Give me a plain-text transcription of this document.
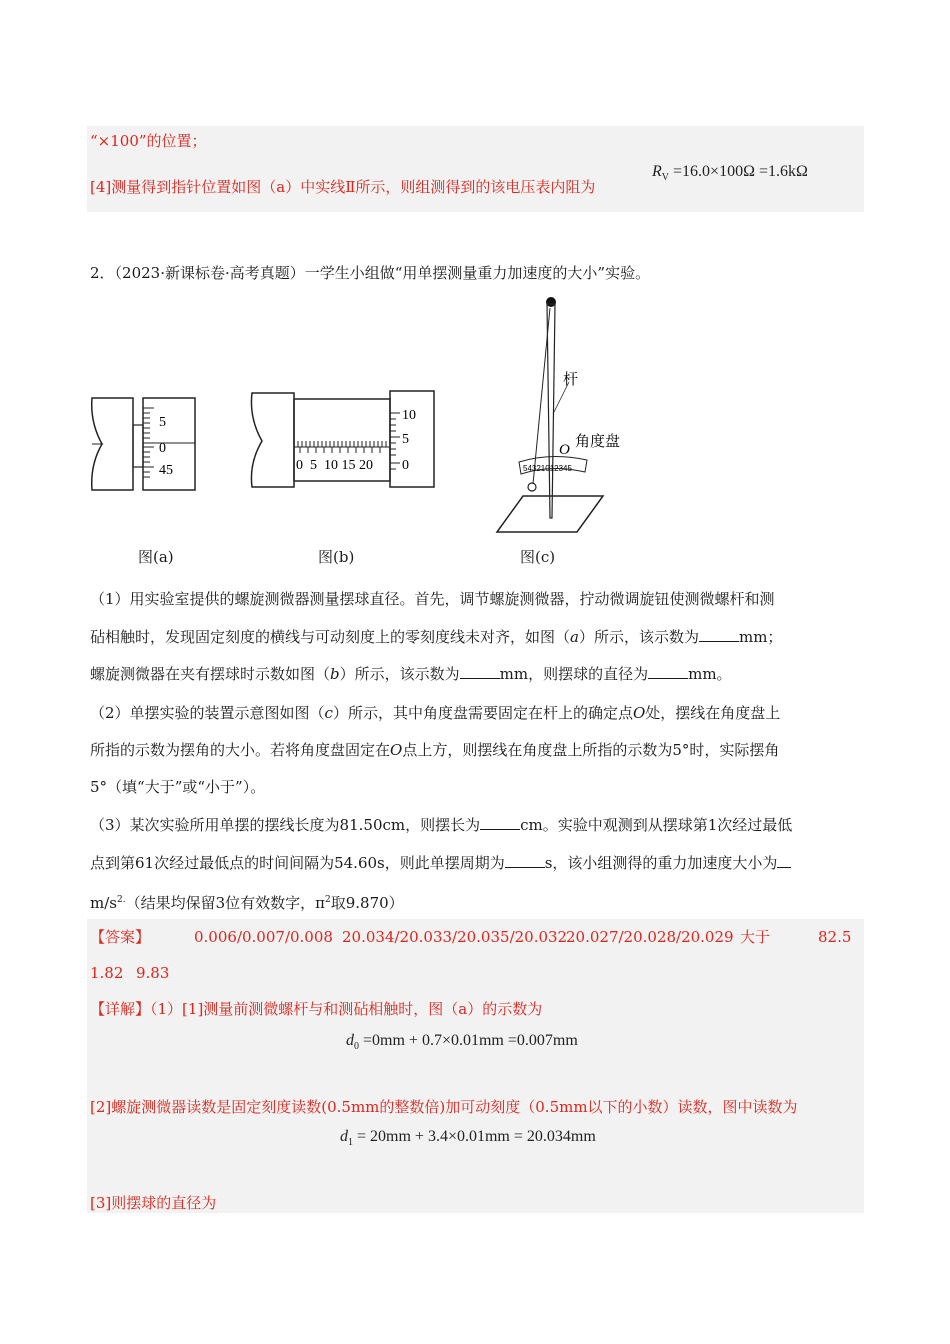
“×100”的位置；
[4]测量得到指针位置如图（a）中实线Ⅱ所示，则组测得到的该电压表内阻为
$R_V =16.0\times 100\Omega =1.6k\Omega$
2．（2023·新课标卷·高考真题）一学生小组做“用单摆测量重力加速度的大小”实验。
5
0
45
图(a)
10
5
0
0  5  10 15 20
图(b)
杆
O 角度盘
54321012345
图(c)
（1）用实验室提供的螺旋测微器测量摆球直径。首先，调节螺旋测微器，拧动微调旋钮使测微螺杆和测
砧相触时，发现固定刻度的横线与可动刻度上的零刻度线未对齐，如图（a）所示，该示数为	mm；
螺旋测微器在夹有摆球时示数如图（b）所示，该示数为	mm，则摆球的直径为	mm。
（2）单摆实验的装置示意图如图（c）所示，其中角度盘需要固定在杆上的确定点O处，摆线在角度盘上
所指的示数为摆角的大小。若将角度盘固定在O点上方，则摆线在角度盘上所指的示数为5°时，实际摆角
5°（填“大于”或“小于”）。
（3）某次实验所用单摆的摆线长度为81.50cm，则摆长为	cm。实验中观测到从摆球第1次经过最低
点到第61次经过最低点的时间间隔为54.60s，则此单摆周期为	s，该小组测得的重力加速度大小为
$m/s^{2.}$（结果均保留3位有效数字，$\pi^2$取9.870）
【答案】	0.006/0.007/0.008 20.034/20.033/20.035/20.032
20.027/20.028/20.029 大于	82.5
1.82 9.83
【详解】（1）[1]测量前测微螺杆与和测砧相触时，图（a）的示数为
$d_0 =0mm + 0.7\times 0.01mm =0.007mm$
[2]螺旋测微器读数是固定刻度读数(0.5mm的整数倍)加可动刻度（0.5mm以下的小数）读数，图中读数为
$d_1 = 20mm + 3.4\times 0.01mm = 20.034mm$
[3]则摆球的直径为
